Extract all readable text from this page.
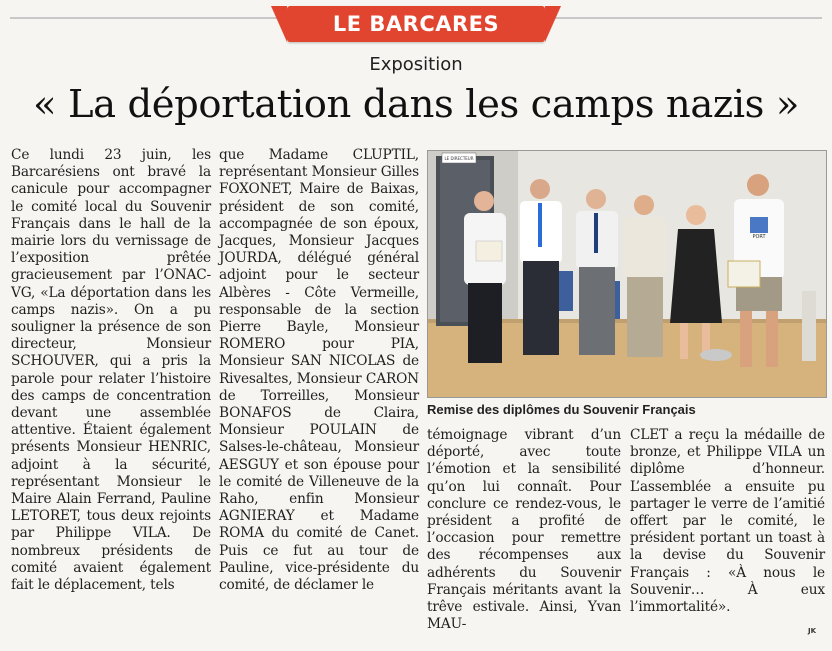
LE BARCARES
Exposition
« La déportation dans les camps nazis »

Ce lundi 23 juin, les Barcarésiens ont bravé la canicule pour accompagner le comité local du Souvenir Français dans le hall de la mairie lors du vernissage de l’exposition prêtée gracieusement par l’ONAC-VG, «La déportation dans les camps nazis». On a pu souligner la présence de son directeur, Monsieur SCHOUVER, qui a pris la parole pour relater l’histoire des camps de concentration devant une assemblée attentive. Étaient également présents Monsieur HENRIC, adjoint à la sécurité, représentant Monsieur le Maire Alain Ferrand, Pauline LETORET, tous deux rejoints par Philippe VILA. De nombreux présidents de comité avaient également fait le déplacement, tels

que Madame CLUPTIL, représentant Monsieur Gilles FOXONET, Maire de Baixas, président de son comité, accompagnée de son époux, Jacques, Monsieur Jacques JOURDA, délégué général adjoint pour le secteur Albères - Côte Vermeille, responsable de la section Pierre Bayle, Monsieur ROMERO pour PIA, Monsieur SAN NICOLAS de Rivesaltes, Monsieur CARON de Torreilles, Monsieur BONAFOS de Claira, Monsieur POULAIN de Salses-le-château, Monsieur AESGUY et son épouse pour le comité de Villeneuve de la Raho, enfin Monsieur AGNIERAY et Madame ROMA du comité de Canet. Puis ce fut au tour de Pauline, vice-présidente du comité, de déclamer le

LE DIRECTEUR
PORT
Remise des diplômes du Souvenir Français

témoignage vibrant d’un déporté, avec toute l’émotion et la sensibilité qu’on lui connaît. Pour conclure ce rendez-vous, le président a profité de l’occasion pour remettre des récompenses aux adhérents du Souvenir Français méritants avant la trêve estivale. Ainsi, Yvan MAU-

CLET a reçu la médaille de bronze, et Philippe VILA un diplôme d’honneur. L’assemblée a ensuite pu partager le verre de l’amitié offert par le comité, le président portant un toast à la devise du Souvenir Français : «À nous le Souvenir… À eux l’immortalité».

JK
